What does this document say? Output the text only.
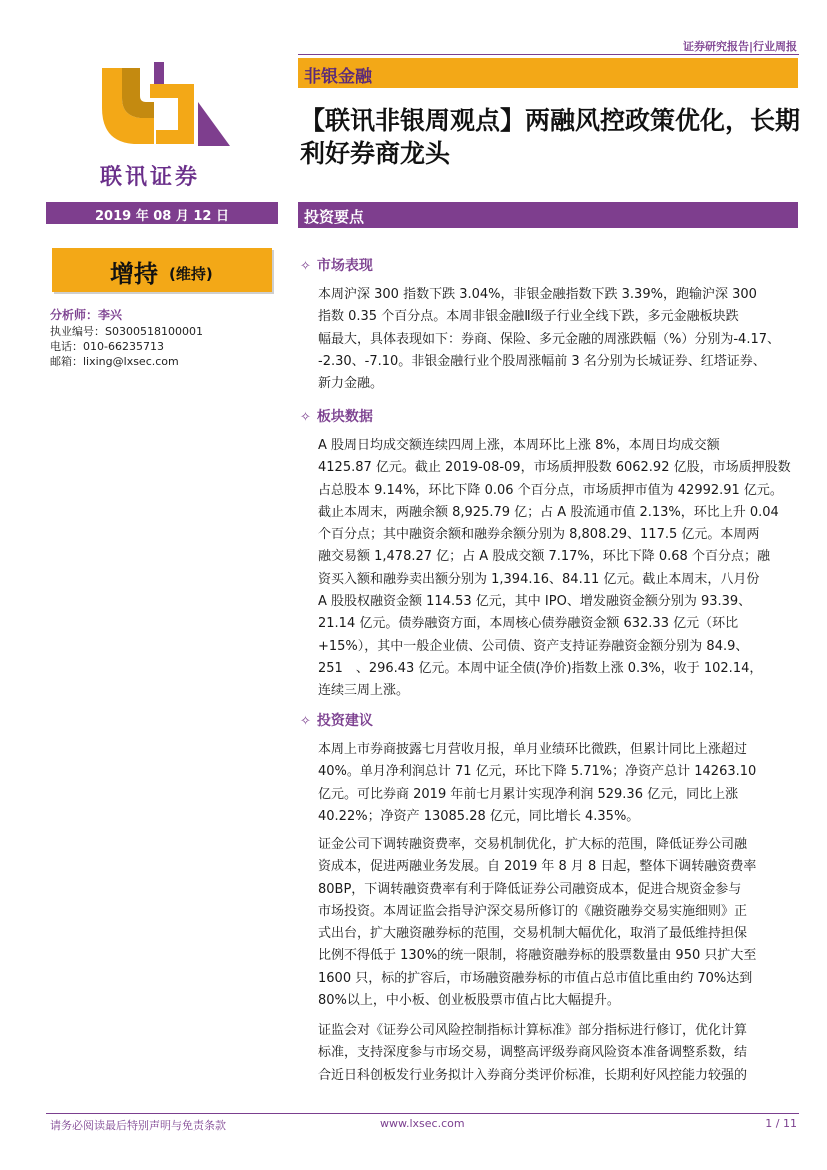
证券研究报告|行业周报
非银金融
联讯证券
【联讯非银周观点】两融风控政策优化，长期利好券商龙头
2019 年 08 月 12 日
增持 (维持)
分析师：李兴
执业编号：S0300518100001
电话：010-66235713
邮箱：lixing@lxsec.com
投资要点
✧ 市场表现
本周沪深 300 指数下跌 3.04%，非银金融指数下跌 3.39%，跑输沪深 300
指数 0.35 个百分点。本周非银金融Ⅱ级子行业全线下跌，多元金融板块跌
幅最大，具体表现如下：券商、保险、多元金融的周涨跌幅（%）分别为-4.17、
-2.30、-7.10。非银金融行业个股周涨幅前 3 名分别为长城证券、红塔证券、
新力金融。
✧ 板块数据
A 股周日均成交额连续四周上涨，本周环比上涨 8%，本周日均成交额
4125.87 亿元。截止 2019-08-09，市场质押股数 6062.92 亿股，市场质押股数
占总股本 9.14%，环比下降 0.06 个百分点，市场质押市值为 42992.91 亿元。
截止本周末，两融余额 8,925.79 亿；占 A 股流通市值 2.13%，环比上升 0.04
个百分点；其中融资余额和融券余额分别为 8,808.29、117.5 亿元。本周两
融交易额 1,478.27 亿；占 A 股成交额 7.17%，环比下降 0.68 个百分点；融
资买入额和融券卖出额分别为 1,394.16、84.11 亿元。截止本周末，八月份
A 股股权融资金额 114.53 亿元，其中 IPO、增发融资金额分别为 93.39、
21.14 亿元。债券融资方面，本周核心债券融资金额 632.33 亿元（环比
+15%），其中一般企业债、公司债、资产支持证券融资金额分别为 84.9、
251　、296.43 亿元。本周中证全债(净价)指数上涨 0.3%，收于 102.14，
连续三周上涨。
✧ 投资建议
本周上市券商披露七月营收月报，单月业绩环比微跌，但累计同比上涨超过
40%。单月净利润总计 71 亿元，环比下降 5.71%；净资产总计 14263.10
亿元。可比券商 2019 年前七月累计实现净利润 529.36 亿元，同比上涨
40.22%；净资产 13085.28 亿元，同比增长 4.35%。
证金公司下调转融资费率，交易机制优化，扩大标的范围，降低证券公司融
资成本，促进两融业务发展。自 2019 年 8 月 8 日起，整体下调转融资费率
80BP，下调转融资费率有利于降低证券公司融资成本，促进合规资金参与
市场投资。本周证监会指导沪深交易所修订的《融资融券交易实施细则》正
式出台，扩大融资融券标的范围，交易机制大幅优化，取消了最低维持担保
比例不得低于 130%的统一限制，将融资融券标的股票数量由 950 只扩大至
1600 只，标的扩容后，市场融资融券标的市值占总市值比重由约 70%达到
80%以上，中小板、创业板股票市值占比大幅提升。
证监会对《证券公司风险控制指标计算标准》部分指标进行修订，优化计算
标准，支持深度参与市场交易，调整高评级券商风险资本准备调整系数，结
合近日科创板发行业务拟计入券商分类评价标准，长期利好风控能力较强的
请务必阅读最后特别声明与免责条款	www.lxsec.com	1 / 11
